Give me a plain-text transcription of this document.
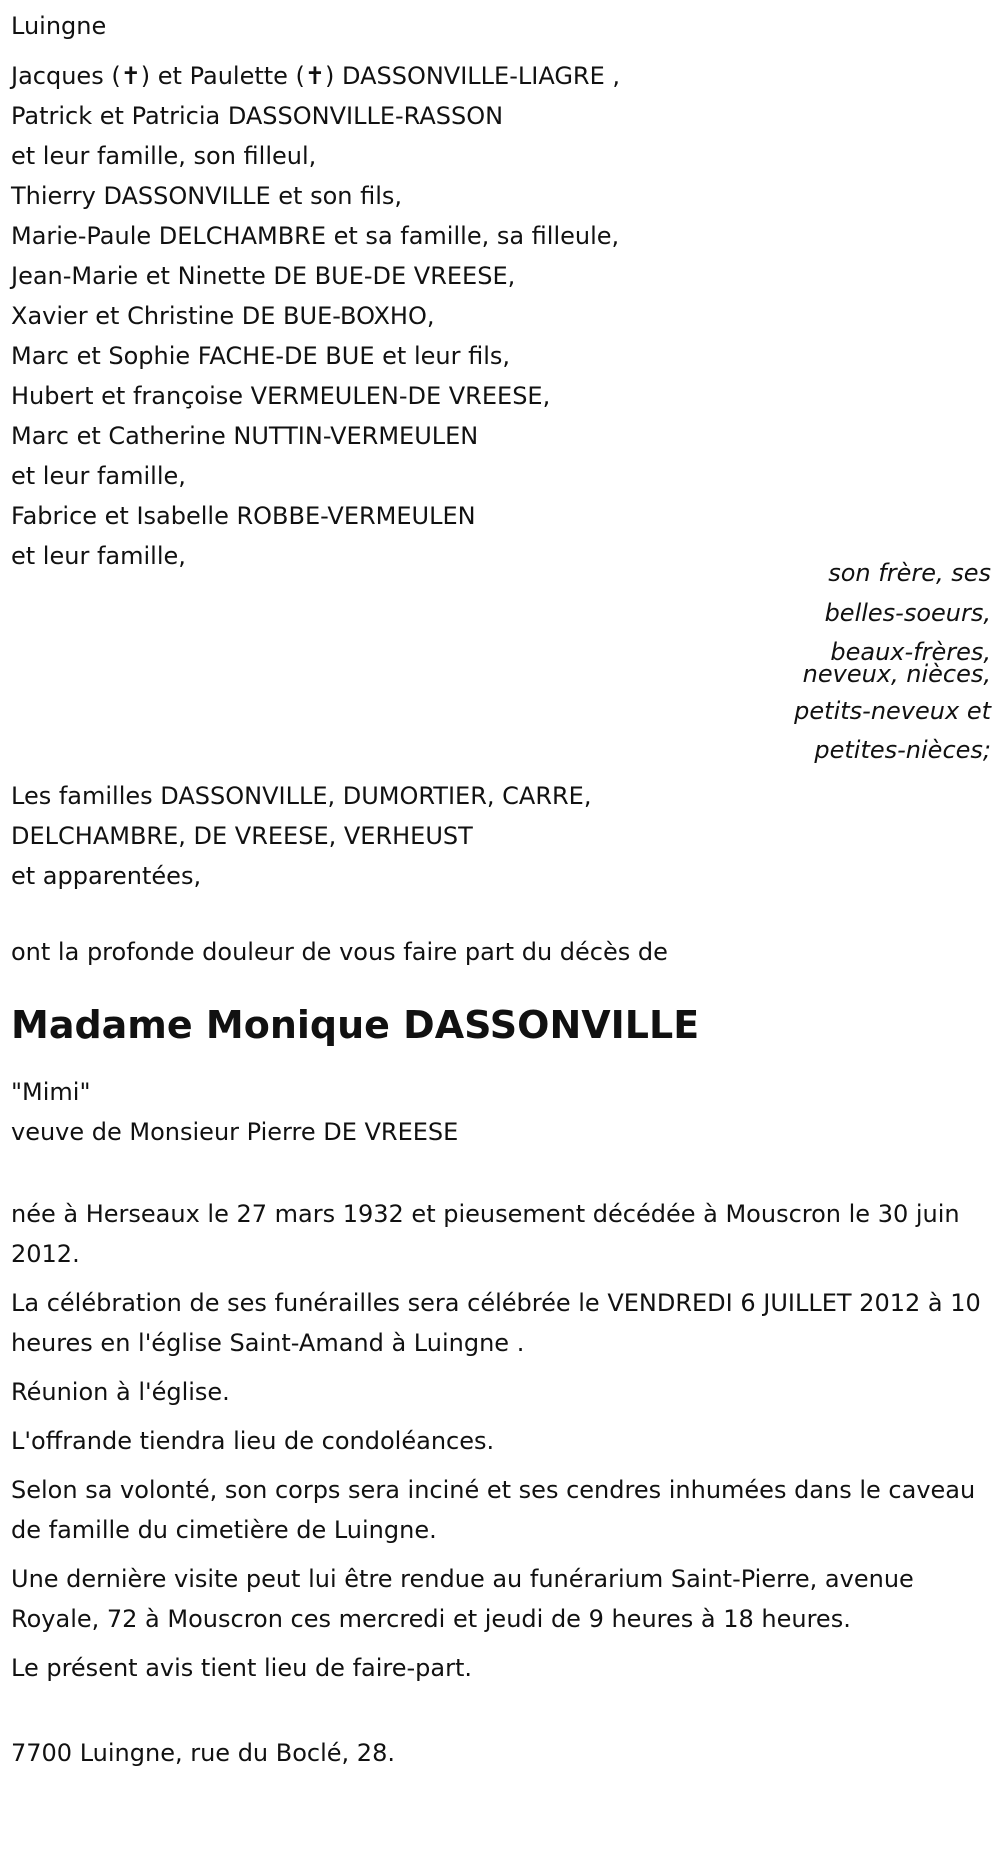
Luingne
Jacques (✝) et Paulette (✝) DASSONVILLE-LIAGRE ,
Patrick et Patricia DASSONVILLE-RASSON
et leur famille, son filleul,
Thierry DASSONVILLE et son fils,
Marie-Paule DELCHAMBRE et sa famille, sa filleule,
Jean-Marie et Ninette DE BUE-DE VREESE,
Xavier et Christine DE BUE-BOXHO,
Marc et Sophie FACHE-DE BUE et leur fils,
Hubert et françoise VERMEULEN-DE VREESE,
Marc et Catherine NUTTIN-VERMEULEN
et leur famille,
Fabrice et Isabelle ROBBE-VERMEULEN
et leur famille,
son frère, ses
belles-soeurs,
beaux-frères,
neveux, nièces,
petits-neveux et
petites-nièces;
Les familles DASSONVILLE, DUMORTIER, CARRE,
DELCHAMBRE, DE VREESE, VERHEUST
et apparentées,
ont la profonde douleur de vous faire part du décès de
Madame Monique DASSONVILLE
"Mimi"
veuve de Monsieur Pierre DE VREESE
née à Herseaux le 27 mars 1932 et pieusement décédée à Mouscron le 30 juin 2012.
La célébration de ses funérailles sera célébrée le VENDREDI 6 JUILLET 2012 à 10 heures en l'église Saint-Amand à Luingne .
Réunion à l'église.
L'offrande tiendra lieu de condoléances.
Selon sa volonté, son corps sera inciné et ses cendres inhumées dans le caveau de famille du cimetière de Luingne.
Une dernière visite peut lui être rendue au funérarium Saint-Pierre, avenue Royale, 72 à Mouscron ces mercredi et jeudi de 9 heures à 18 heures.
Le présent avis tient lieu de faire-part.
7700 Luingne, rue du Boclé, 28.
